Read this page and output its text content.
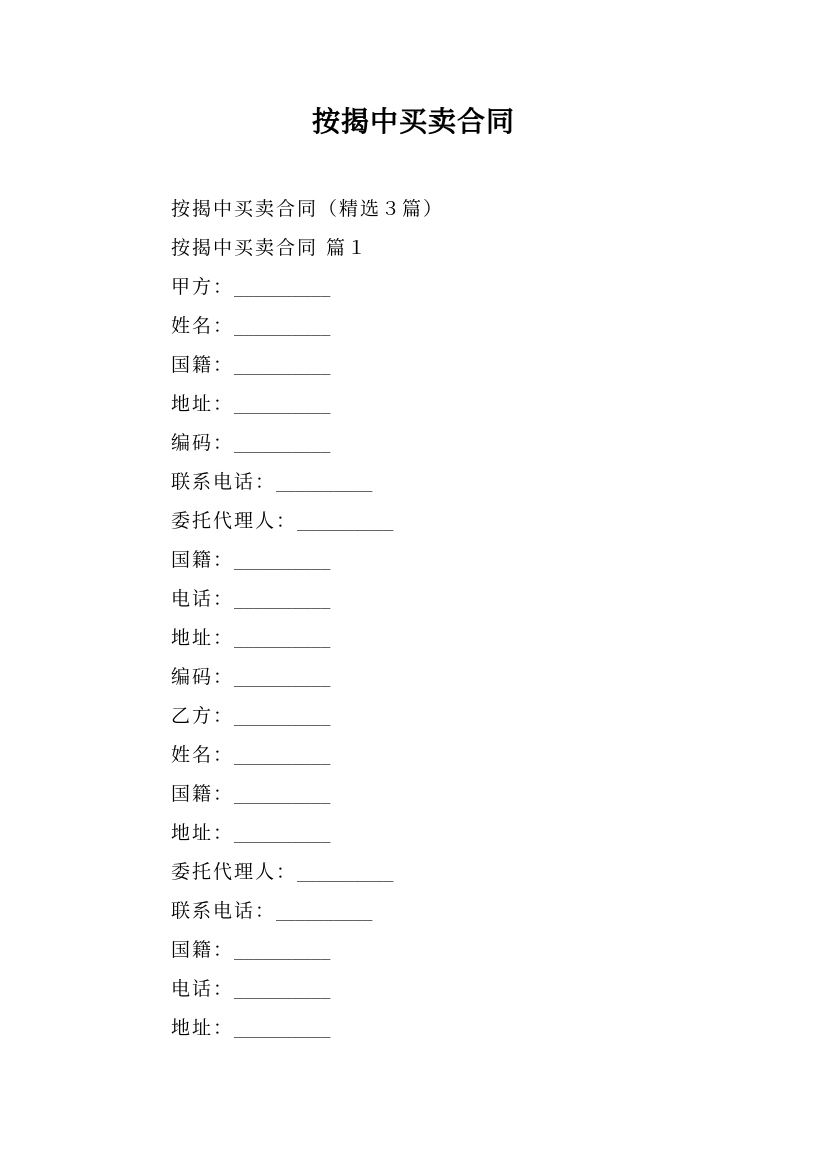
按揭中买卖合同
按揭中买卖合同（精选３篇）
按揭中买卖合同 篇１
甲方：__________
姓名：__________
国籍：__________
地址：__________
编码：__________
联系电话：__________
委托代理人：__________
国籍：__________
电话：__________
地址：__________
编码：__________
乙方：__________
姓名：__________
国籍：__________
地址：__________
委托代理人：__________
联系电话：__________
国籍：__________
电话：__________
地址：__________
